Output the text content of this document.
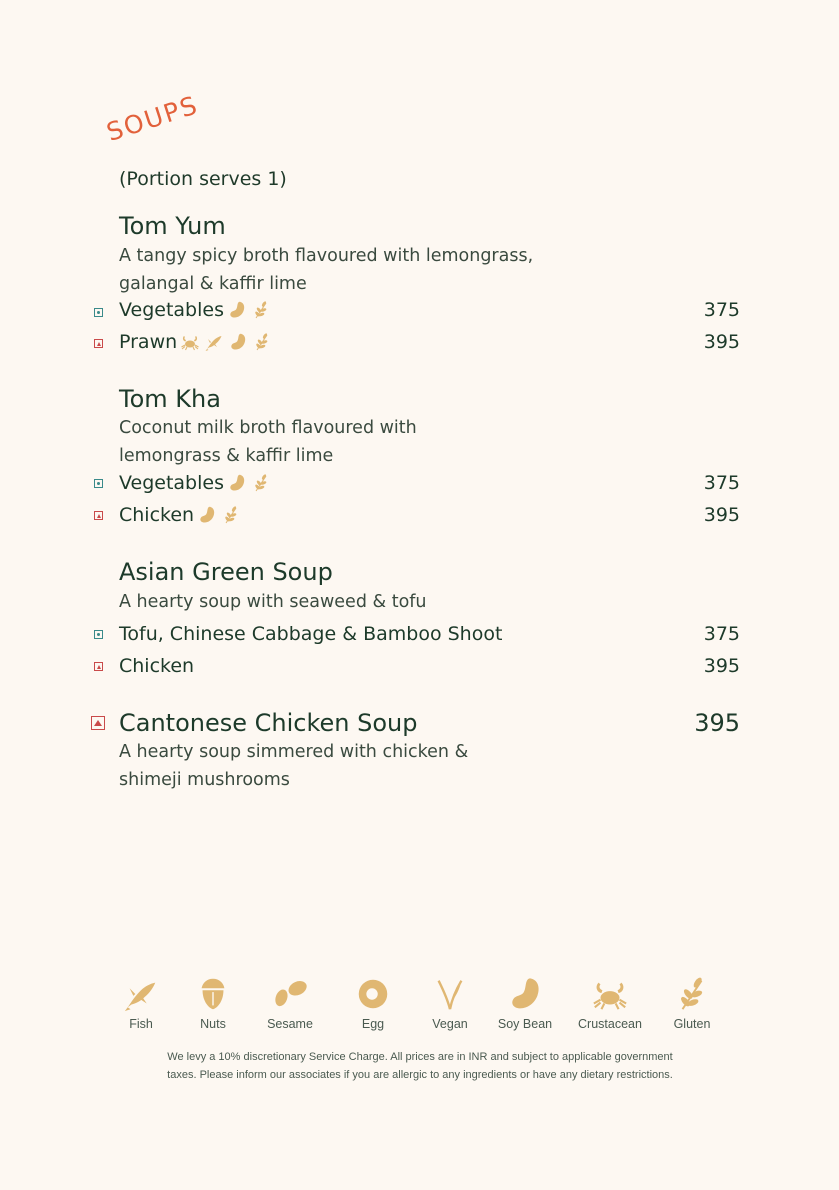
SOUPS
(Portion serves 1)
Tom Yum
A tangy spicy broth flavoured with lemongrass, galangal & kaffir lime
Vegetables	375
Prawn	395
Tom Kha
Coconut milk broth flavoured with lemongrass & kaffir lime
Vegetables	375
Chicken	395
Asian Green Soup
A hearty soup with seaweed & tofu
Tofu, Chinese Cabbage & Bamboo Shoot	375
Chicken	395
Cantonese Chicken Soup	395
A hearty soup simmered with chicken & shimeji mushrooms
Fish	Nuts	Sesame	Egg	Vegan Soy Bean Crustacean	Gluten
We levy a 10% discretionary Service Charge. All prices are in INR and subject to applicable government taxes. Please inform our associates if you are allergic to any ingredients or have any dietary restrictions.
